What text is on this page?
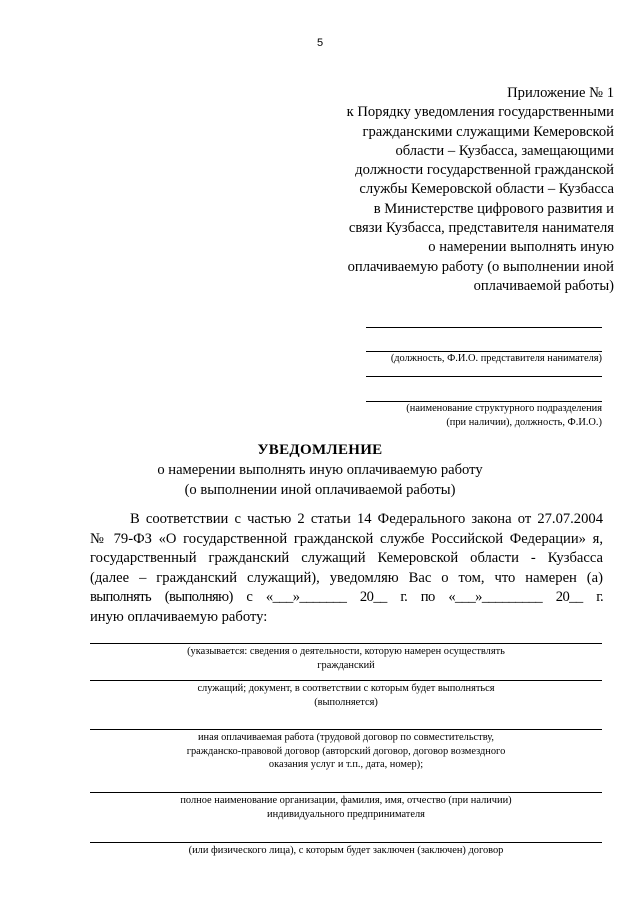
5
Приложение № 1
к Порядку уведомления государственными
гражданскими служащими Кемеровской
области – Кузбасса, замещающими
должности государственной гражданской
службы Кемеровской области – Кузбасса
в Министерстве цифрового развития и
связи Кузбасса, представителя нанимателя
о намерении выполнять иную
оплачиваемую работу (о выполнении иной
оплачиваемой работы)
(должность, Ф.И.О. представителя нанимателя)
(наименование структурного подразделения
(при наличии), должность, Ф.И.О.)
УВЕДОМЛЕНИЕ
о намерении выполнять иную оплачиваемую работу
(о выполнении иной оплачиваемой работы)
В соответствии с частью 2 статьи 14 Федерального закона от 27.07.2004
№ 79-ФЗ «О государственной гражданской службе Российской Федерации» я,
государственный гражданский служащий Кемеровской области - Кузбасса
(далее – гражданский служащий), уведомляю Вас о том, что намерен (а)
выполнять (выполняю) с «___»_______ 20__ г. по «___»_________ 20__ г.
иную оплачиваемую работу:
(указывается: сведения о деятельности, которую намерен осуществлять
гражданский
служащий; документ, в соответствии с которым будет выполняться
(выполняется)
иная оплачиваемая работа (трудовой договор по совместительству,
гражданско-правовой договор (авторский договор, договор возмездного
оказания услуг и т.п., дата, номер);
полное наименование организации, фамилия, имя, отчество (при наличии)
индивидуального предпринимателя
(или физического лица), с которым будет заключен (заключен) договор
